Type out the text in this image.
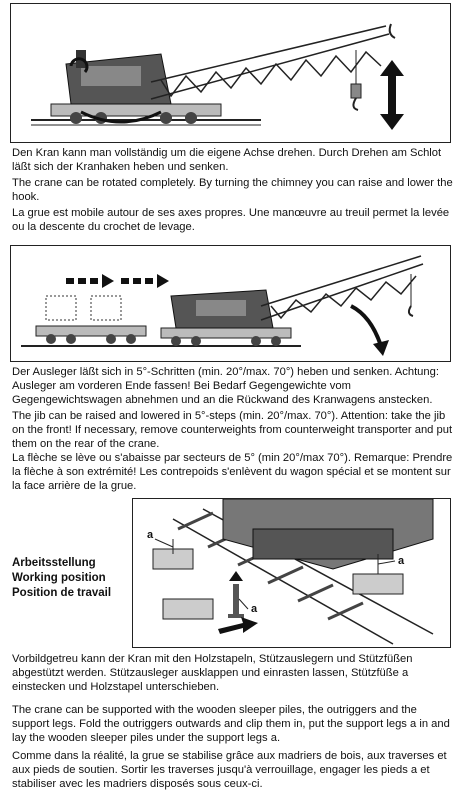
Den Kran kann man vollständig um die eigene Achse drehen. Durch Drehen am Schlot läßt sich der Kranhaken heben und senken.

The crane can be rotated completely. By turning the chimney you can raise and lower the hook.

La grue est mobile autour de ses axes propres. Une manœuvre au treuil permet la levée ou la descente du crochet de levage.

Der Ausleger läßt sich in 5°-Schritten (min. 20°/max. 70°) heben und senken. Achtung: Ausleger am vorderen Ende fassen! Bei Bedarf Gegengewichte vom Gegengewichtswagen abnehmen und an die Rückwand des Kranwagens anstecken.

The jib can be raised and lowered in 5°-steps (min. 20°/max. 70°). Attention: take the jib on the front! If necessary, remove counterweights from counterweight transporter and put them on the rear of the crane.

La flèche se lève ou s'abaisse par secteurs de 5° (min 20°/max 70°). Remarque: Prendre la flèche à son extrémité! Les contrepoids s'enlèvent du wagon spécial et se montent sur la face arrière de la grue.

Arbeitsstellung
Working position
Position de travail
a
a
a

Vorbildgetreu kann der Kran mit den Holzstapeln, Stützauslegern und Stützfüßen abgestützt werden. Stützausleger ausklappen und einrasten lassen, Stützfüße a einstecken und Holzstapel unterschieben.

The crane can be supported with the wooden sleeper piles, the outriggers and the support legs. Fold the outriggers outwards and clip them in, put the support legs a in and lay the wooden sleeper piles under the support legs a.

Comme dans la réalité, la grue se stabilise grâce aux madriers de bois, aux traverses et aux pieds de soutien. Sortir les traverses jusqu'à verrouillage, engager les pieds a et stabiliser avec les madriers disposés sous ceux-ci.
